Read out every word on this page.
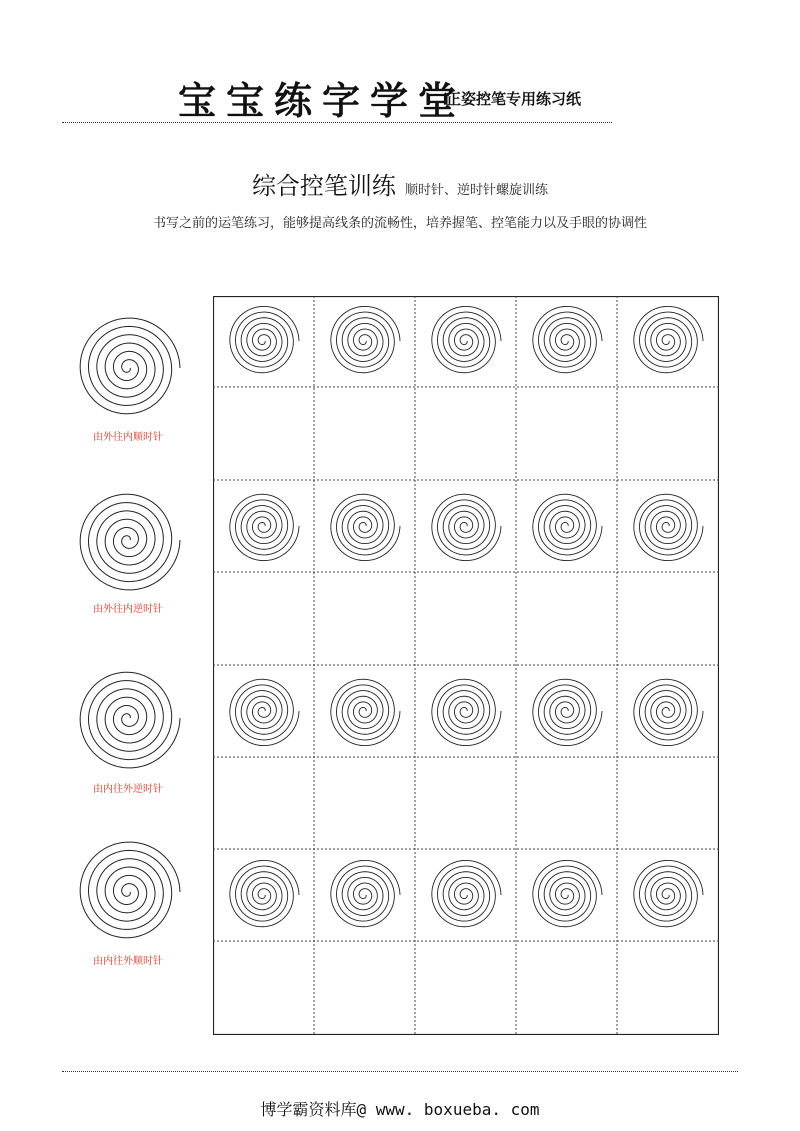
宝宝练字学堂
正姿控笔专用练习纸
综合控笔训练 顺时针、逆时针螺旋训练
书写之前的运笔练习，能够提高线条的流畅性，培养握笔、控笔能力以及手眼的协调性
由外往内顺时针
由外往内逆时针
由内往外逆时针
由内往外顺时针
博学霸资料库@ www. boxueba. com
